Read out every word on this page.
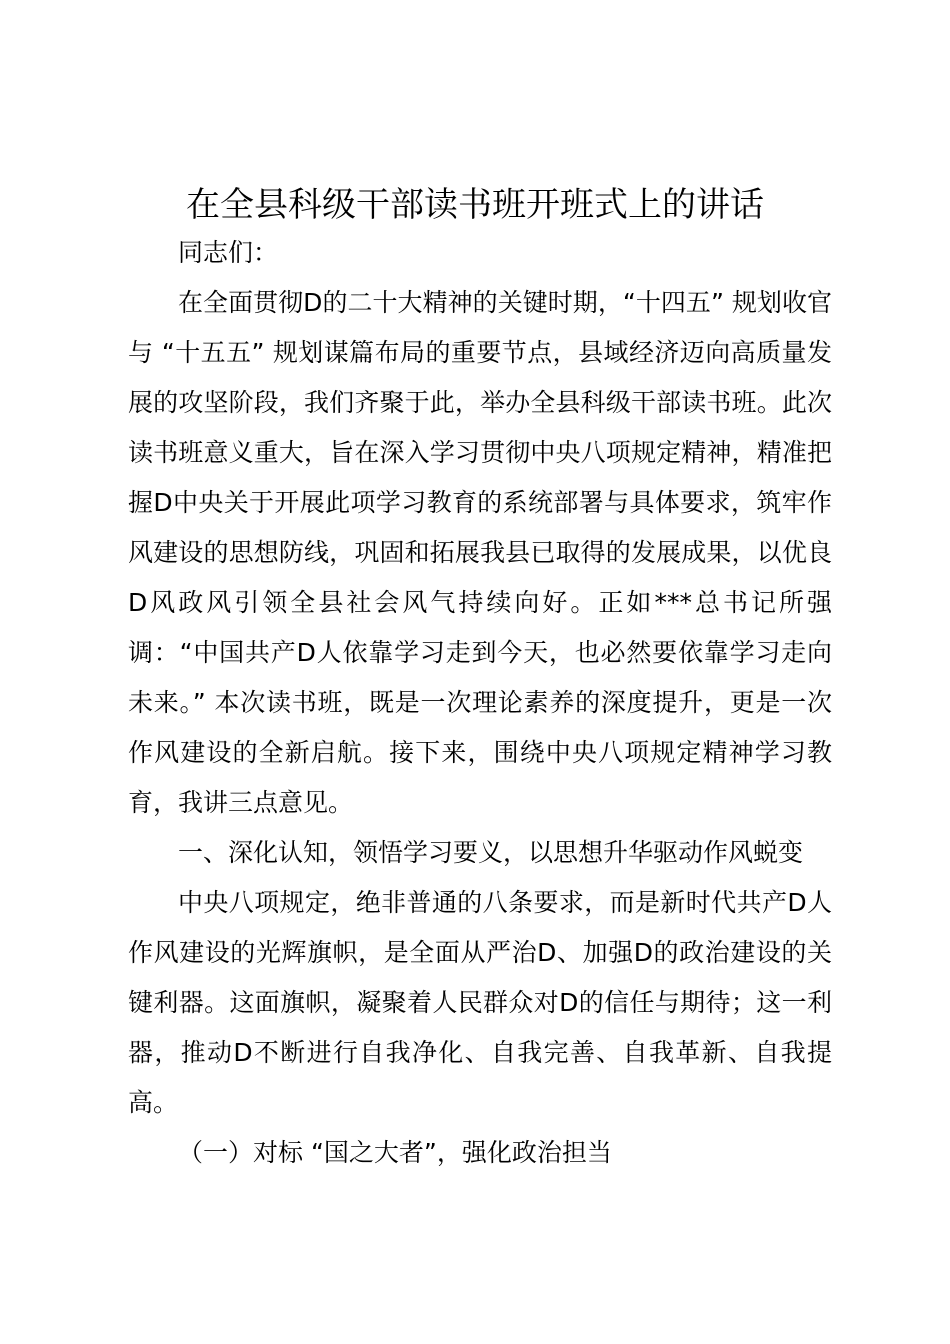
在全县科级干部读书班开班式上的讲话

同志们：

在全面贯彻D的二十大精神的关键时期，“十四五” 规划收官与 “十五五” 规划谋篇布局的重要节点，县域经济迈向高质量发展的攻坚阶段，我们齐聚于此，举办全县科级干部读书班。此次读书班意义重大，旨在深入学习贯彻中央八项规定精神，精准把握D中央关于开展此项学习教育的系统部署与具体要求，筑牢作风建设的思想防线，巩固和拓展我县已取得的发展成果，以优良D风政风引领全县社会风气持续向好。正如***总书记所强调：“中国共产D人依靠学习走到今天，也必然要依靠学习走向未来。” 本次读书班，既是一次理论素养的深度提升，更是一次作风建设的全新启航。接下来，围绕中央八项规定精神学习教育，我讲三点意见。

一、深化认知，领悟学习要义，以思想升华驱动作风蜕变

中央八项规定，绝非普通的八条要求，而是新时代共产D人作风建设的光辉旗帜，是全面从严治D、加强D的政治建设的关键利器。这面旗帜，凝聚着人民群众对D的信任与期待；这一利器，推动D不断进行自我净化、自我完善、自我革新、自我提高。

（一）对标 “国之大者”，强化政治担当
